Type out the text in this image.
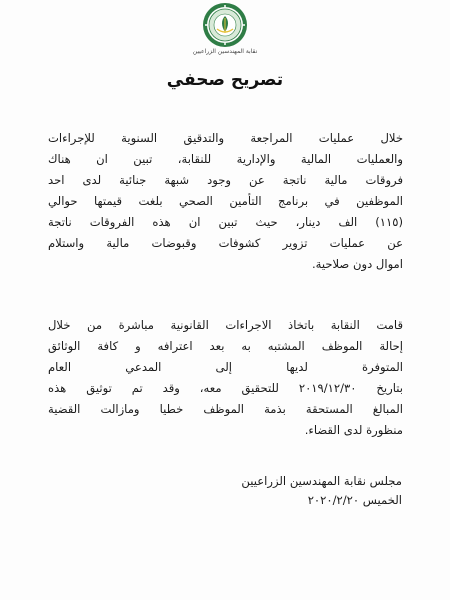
نقابة المهندسين الزراعيين
تصريح صحفي
خلال عمليات المراجعة والتدقيق السنوية للإجراءات
والعمليات المالية والإدارية للنقابة، تبين ان هناك
فروقات مالية ناتجة عن وجود شبهة جنائية لدى احد
الموظفين في برنامج التأمين الصحي بلغت قيمتها حوالي
(١١٥) الف دينار، حيث تبين ان هذه الفروقات ناتجة
عن عمليات تزوير كشوفات وقبوضات مالية واستلام
اموال دون صلاحية.
قامت النقابة باتخاذ الاجراءات القانونية مباشرة من خلال
إحالة الموظف المشتبه به بعد اعترافه و كافة الوثائق
المتوفرة لديها إلى المدعي العام
بتاريخ ٢٠١٩/١٢/٣٠ للتحقيق معه، وقد تم توثيق هذه
المبالغ المستحقة بذمة الموظف خطيا ومازالت القضية
منظورة لدى القضاء.
مجلس نقابة المهندسين الزراعيين
الخميس ٢٠٢٠/٢/٢٠
